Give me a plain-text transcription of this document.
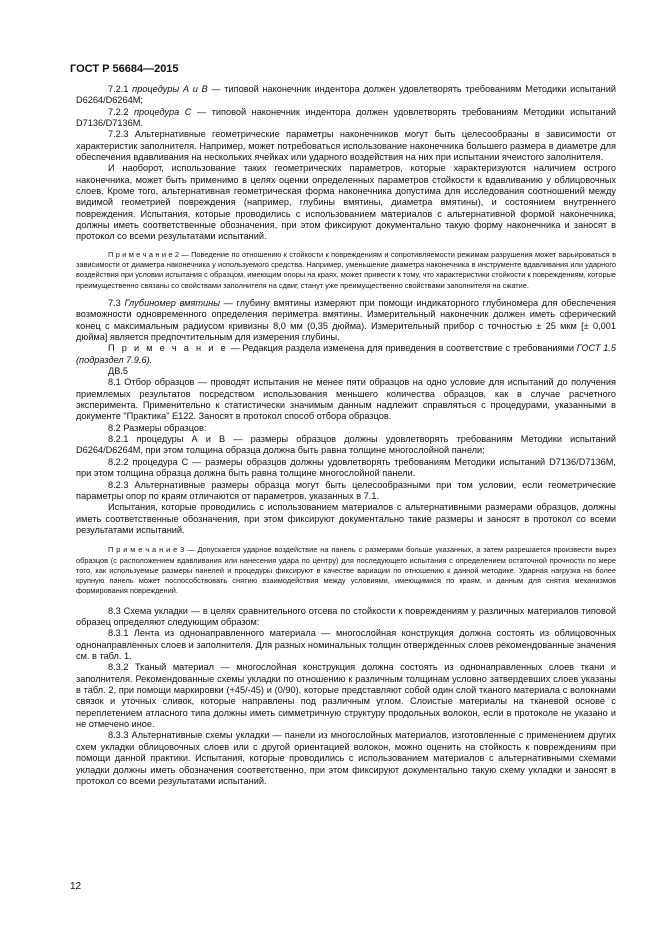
ГОСТ Р 56684—2015

7.2.1 процедуры А и В — типовой наконечник индентора должен удовлетворять требованиям Методики испытаний D6264/D6264M;

7.2.2 процедура С — типовой наконечник индентора должен удовлетворять требованиям Методики испытаний D7136/D7136M.

7.2.3 Альтернативные геометрические параметры наконечников могут быть целесообразны в зависимости от характеристик заполнителя. Например, может потребоваться использование наконечника большего размера в диаметре для обеспечения вдавливания на нескольких ячейках или ударного воздействия на них при испытании ячеистого заполнителя.

И наоборот, использование таких геометрических параметров, которые характеризуются наличием острого наконечника, может быть применимо в целях оценки определенных параметров стойкости к вдавливанию у облицовочных слоев. Кроме того, альтернативная геометрическая форма наконечника допустима для исследования соотношений между видимой геометрией повреждения (например, глубины вмятины, диаметра вмятины), и состоянием внутреннего повреждения. Испытания, которые проводились с использованием материалов с альтернативной формой наконечника, должны иметь соответственные обозначения, при этом фиксируют документально такую форму наконечника и заносят в протокол со всеми результатами испытаний.

П р и м е ч а н и е 2 — Поведение по отношению к стойкости к повреждениям и сопротивляемости режимам разрушения может варьироваться в зависимости от диаметра наконечника у используемого средства. Например, уменьшение диаметра наконечника в инструменте вдавливания или ударного воздействия при условии испытания с образцом, имеющим опоры на краях, может привести к тому, что характеристики стойкости к повреждениям, которые преимущественно связаны со свойствами заполнителя на сдвиг, станут уже преимущественно свойствами заполнителя на сжатие.

7.3 Глубиномер вмятины — глубину вмятины измеряют при помощи индикаторного глубиномера для обеспечения возможности одновременного определения периметра вмятины. Измерительный наконечник должен иметь сферический конец с максимальным радиусом кривизны 8,0 мм (0,35 дюйма). Измерительный прибор с точностью ± 25 мкм [± 0,001 дюйма] является предпочтительным для измерения глубины.

П р и м е ч а н и е — Редакция раздела изменена для приведения в соответствие с требованиями ГОСТ 1.5 (подраздел 7.9.6).

ДВ.5

8.1 Отбор образцов — проводят испытания не менее пяти образцов на одно условие для испытаний до получения приемлемых результатов посредством использования меньшего количества образцов, как в случае расчетного эксперимента. Применительно к статистически значимым данным надлежит справляться с процедурами, указанными в документе "Практика" E122. Заносят в протокол способ отбора образцов.

8.2 Размеры образцов:

8.2.1 процедуры А и В — размеры образцов должны удовлетворять требованиям Методики испытаний D6264/D6264M, при этом толщина образца должна быть равна толщине многослойной панели;

8.2.2 процедура С — размеры образцов должны удовлетворять требованиям Методики испытаний D7136/D7136M, при этом толщина образца должна быть равна толщине многослойной панели.

8.2.3 Альтернативные размеры образца могут быть целесообразными при том условии, если геометрические параметры опор по краям отличаются от параметров, указанных в 7.1.

Испытания, которые проводились с использованием материалов с альтернативными размерами образцов, должны иметь соответственные обозначения, при этом фиксируют документально такие размеры и заносят в протокол со всеми результатами испытаний.

П р и м е ч а н и е 3 — Допускается ударное воздействие на панель с размерами больше указанных, а затем разрешается произвести вырез образцов (с расположением вдавливания или нанесения удара по центру) для последующего испытания с определением остаточной прочности по мере того, как используемые размеры панелей и процедуры фиксируют в качестве вариации по отношению к данной методике. Ударная нагрузка на более крупную панель может поспособствовать снятию взаимодействия между условиями, имеющимися по краям, и данным для снятия механизмов формирования повреждений.

8.3 Схема укладки — в целях сравнительного отсева по стойкости к повреждениям у различных материалов типовой образец определяют следующим образом:

8.3.1 Лента из однонаправленного материала — многослойная конструкция должна состоять из облицовочных однонаправленных слоев и заполнителя. Для разных номинальных толщин отвержденных слоев рекомендованные значения см. в табл. 1.

8.3.2 Тканый материал — многослойная конструкция должна состоять из однонаправленных слоев ткани и заполнителя. Рекомендованные схемы укладки по отношению к различным толщинам условно затвердевших слоев указаны в табл. 2, при помощи маркировки (+45/-45) и (0/90), которые представляют собой один слой тканого материала с волокнами связок и уточных сливок, которые направлены под различным углом. Слоистые материалы на тканевой основе с переплетением атласного типа должны иметь симметричную структуру продольных волокон, если в протоколе не указано и не отмечено иное.

8.3.3 Альтернативные схемы укладки — панели из многослойных материалов, изготовленные с применением других схем укладки облицовочных слоев или с другой ориентацией волокон, можно оценить на стойкость к повреждениям при помощи данной практики. Испытания, которые проводились с использованием материалов с альтернативными схемами укладки должны иметь обозначения соответственно, при этом фиксируют документально такую схему укладки и заносят в протокол со всеми результатами испытаний.

12
